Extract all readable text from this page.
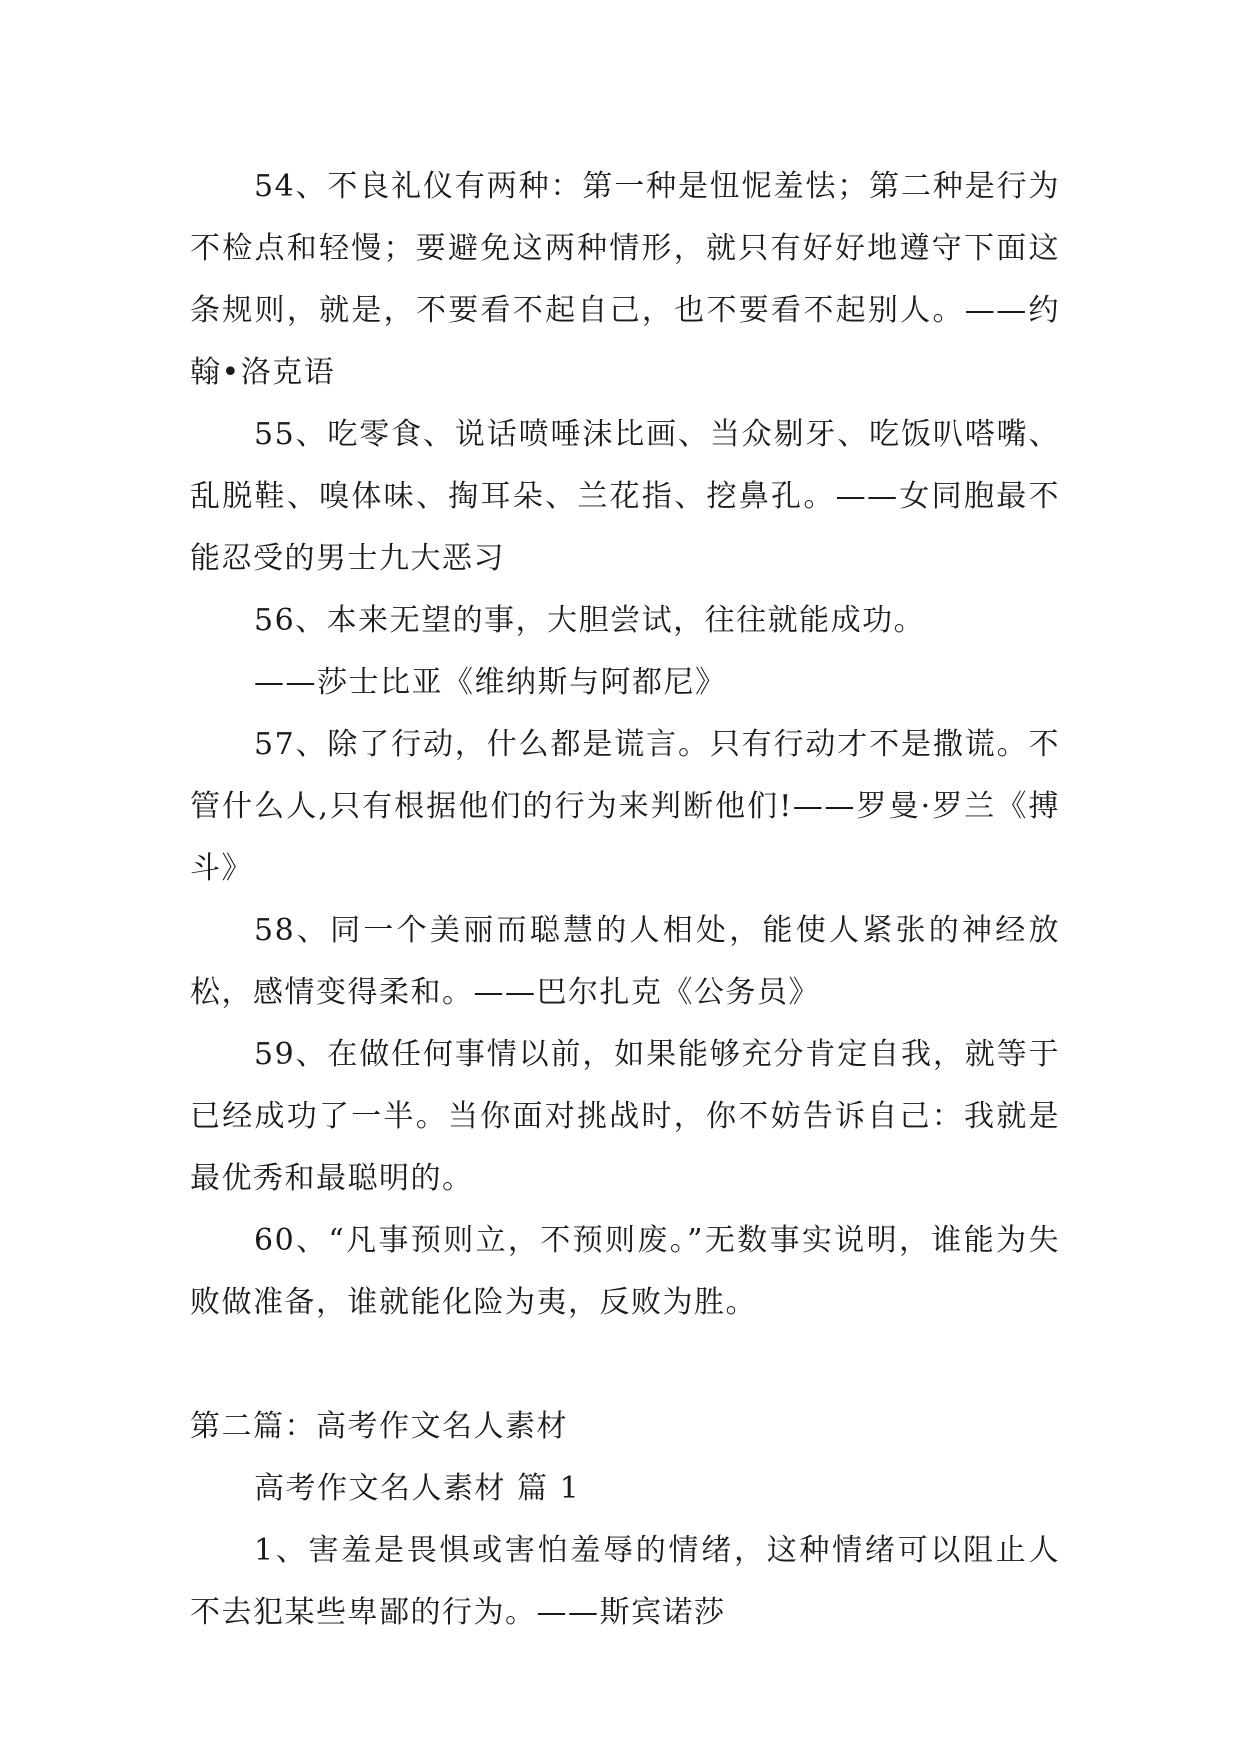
54、不良礼仪有两种：第一种是忸怩羞怯；第二种是行为不检点和轻慢；要避免这两种情形，就只有好好地遵守下面这条规则，就是，不要看不起自己，也不要看不起别人。——约翰•洛克语

55、吃零食、说话喷唾沫比画、当众剔牙、吃饭叭嗒嘴、乱脱鞋、嗅体味、掏耳朵、兰花指、挖鼻孔。——女同胞最不能忍受的男士九大恶习

56、本来无望的事，大胆尝试，往往就能成功。

——莎士比亚《维纳斯与阿都尼》

57、除了行动，什么都是谎言。只有行动才不是撒谎。不管什么人,只有根据他们的行为来判断他们!——罗曼·罗兰《搏斗》

58、同一个美丽而聪慧的人相处，能使人紧张的神经放松，感情变得柔和。——巴尔扎克《公务员》

59、在做任何事情以前，如果能够充分肯定自我，就等于已经成功了一半。当你面对挑战时，你不妨告诉自己：我就是最优秀和最聪明的。

60、“凡事预则立，不预则废。”无数事实说明，谁能为失败做准备，谁就能化险为夷，反败为胜。

第二篇：高考作文名人素材
高考作文名人素材 篇 1

1、害羞是畏惧或害怕羞辱的情绪，这种情绪可以阻止人不去犯某些卑鄙的行为。——斯宾诺莎
